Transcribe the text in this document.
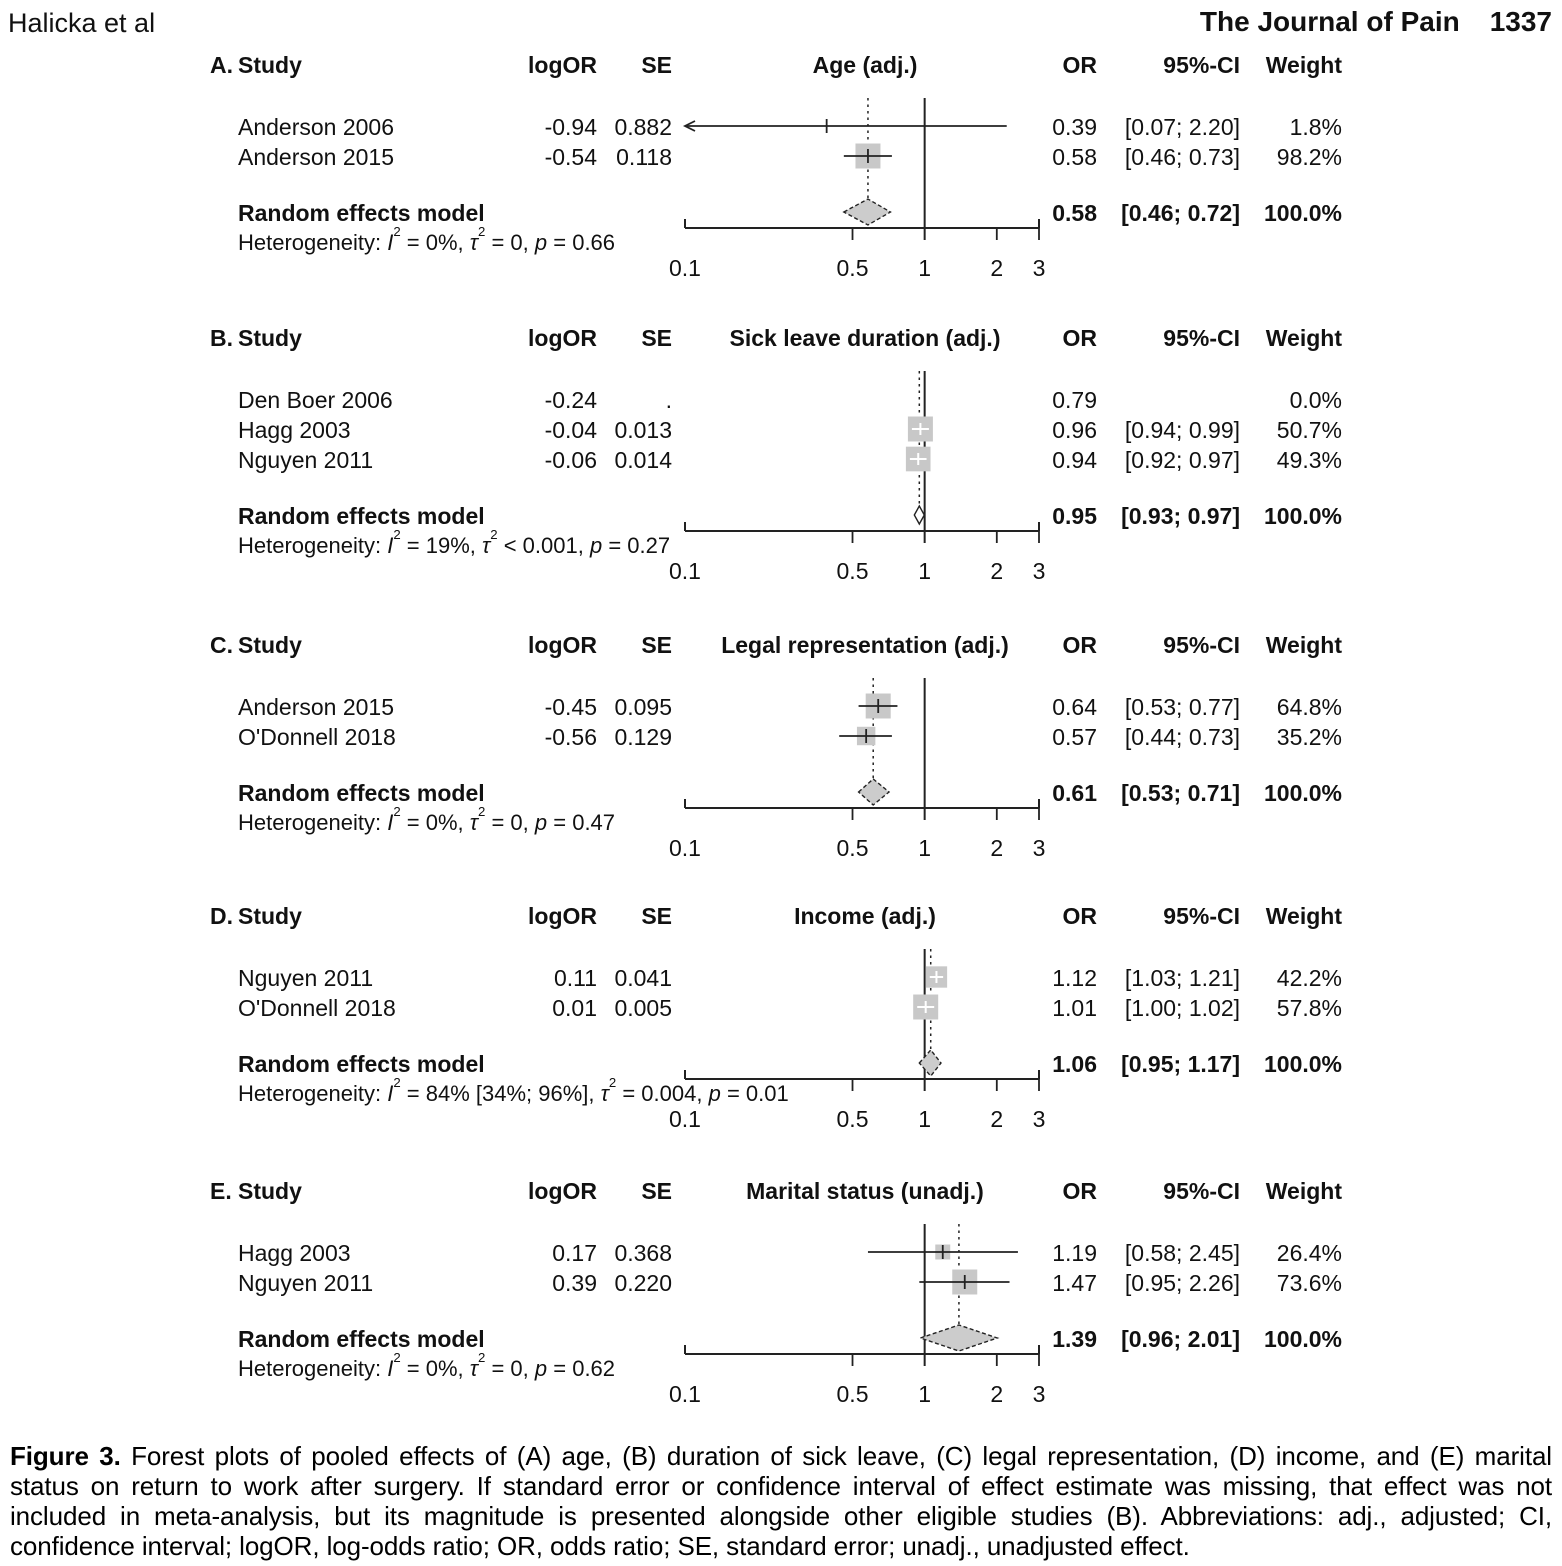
Halicka et al	The Journal of Pain 1337
A. Study	logOR	SE	Age (adj.)	OR	95%-CI	Weight
Anderson 2006	-0.94 0.882	0.39	[0.07; 2.20]	1.8%
Anderson 2015	-0.54 0.118	0.58	[0.46; 0.73]	98.2%
Random effects model	0.58	[0.46; 0.72]	100.0%
Heterogeneity: $I^2 = 0\%$, $\tau^2 = 0$, p = 0.66
0.1	0.5 1	2 3
B. Study	logOR	SE	Sick leave duration (adj.)	OR	95%-CI	Weight
Den Boer 2006	-0.24	.	0.79	0.0%
Hagg 2003	-0.04 0.013	0.96	[0.94; 0.99]	50.7%
Nguyen 2011	-0.06 0.014	0.94	[0.92; 0.97]	49.3%
Random effects model	0.95	[0.93; 0.97]	100.0%
Heterogeneity: $I^2 = 19\%$, $\tau^2 < 0.001$, p = 0.27
0.1	0.5 1	2 3
C. Study	logOR	SE	Legal representation (adj.)	OR	95%-CI	Weight
Anderson 2015	-0.45 0.095	0.64	[0.53; 0.77]	64.8%
O'Donnell 2018	-0.56 0.129	0.57	[0.44; 0.73]	35.2%
Random effects model	0.61	[0.53; 0.71]	100.0%
Heterogeneity: $I^2 = 0\%$, $\tau^2 = 0$, p = 0.47
0.1	0.5 1	2 3
D. Study	logOR	SE	Income (adj.)	OR	95%-CI	Weight
Nguyen 2011	0.11 0.041	1.12	[1.03; 1.21]	42.2%
O'Donnell 2018	0.01 0.005	1.01	[1.00; 1.02]	57.8%
Random effects model	1.06	[0.95; 1.17]	100.0%
Heterogeneity: $I^2 = 84\%$ [34%; 96%], $\tau^2 = 0.004$, p = 0.01
0.1	0.5 1	2 3
E. Study	logOR	SE	Marital status (unadj.)	OR	95%-CI	Weight
Hagg 2003	0.17 0.368	1.19	[0.58; 2.45]	26.4%
Nguyen 2011	0.39 0.220	1.47	[0.95; 2.26]	73.6%
Random effects model	1.39	[0.96; 2.01]	100.0%
Heterogeneity: $I^2 = 0\%$, $\tau^2 = 0$, p = 0.62
0.1	0.5 1	2 3
Figure 3. Forest plots of pooled effects of (A) age, (B) duration of sick leave, (C) legal representation, (D) income, and (E) marital status on return to work after surgery. If standard error or confidence interval of effect estimate was missing, that effect was not included in meta-analysis, but its magnitude is presented alongside other eligible studies (B). Abbreviations: adj., adjusted; CI, confidence interval; logOR, log-odds ratio; OR, odds ratio; SE, standard error; unadj., unadjusted effect.
